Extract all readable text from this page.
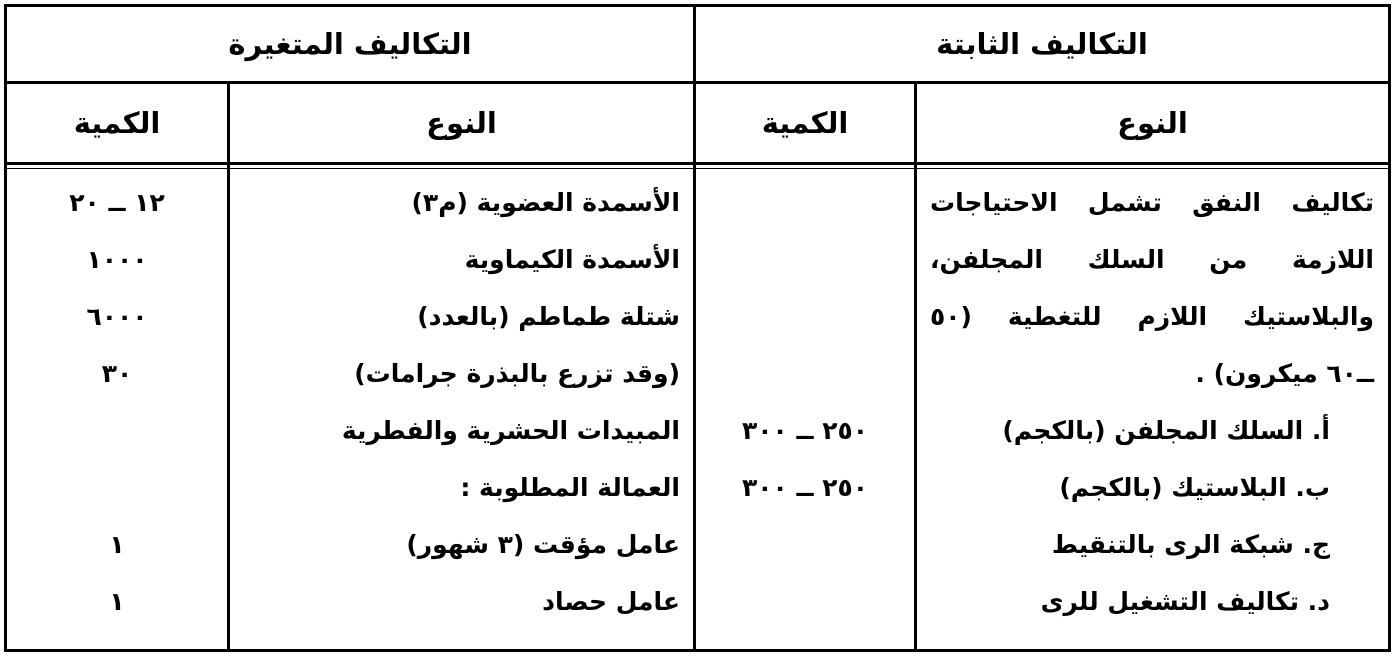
التكاليف الثابتة
التكاليف المتغيرة
النوع
الكمية
النوع
الكمية
تكاليف النفق تشمل الاحتياجات
اللازمة من السلك المجلفن،
والبلاستيك اللازم للتغطية (٥٠
ــ٦٠ ميكرون) .
أ. السلك المجلفن (بالكجم)
ب. البلاستيك (بالكجم)
ج. شبكة الرى بالتنقيط
د. تكاليف التشغيل للرى
٢٥٠ ــ ٣٠٠
٢٥٠ ــ ٣٠٠
الأسمدة العضوية (م٣)
الأسمدة الكيماوية
شتلة طماطم (بالعدد)
(وقد تزرع بالبذرة جرامات)
المبيدات الحشرية والفطرية
العمالة المطلوبة :
عامل مؤقت (٣ شهور)
عامل حصاد
١٢ ــ ٢٠
١٠٠٠
٦٠٠٠
٣٠
١
١
